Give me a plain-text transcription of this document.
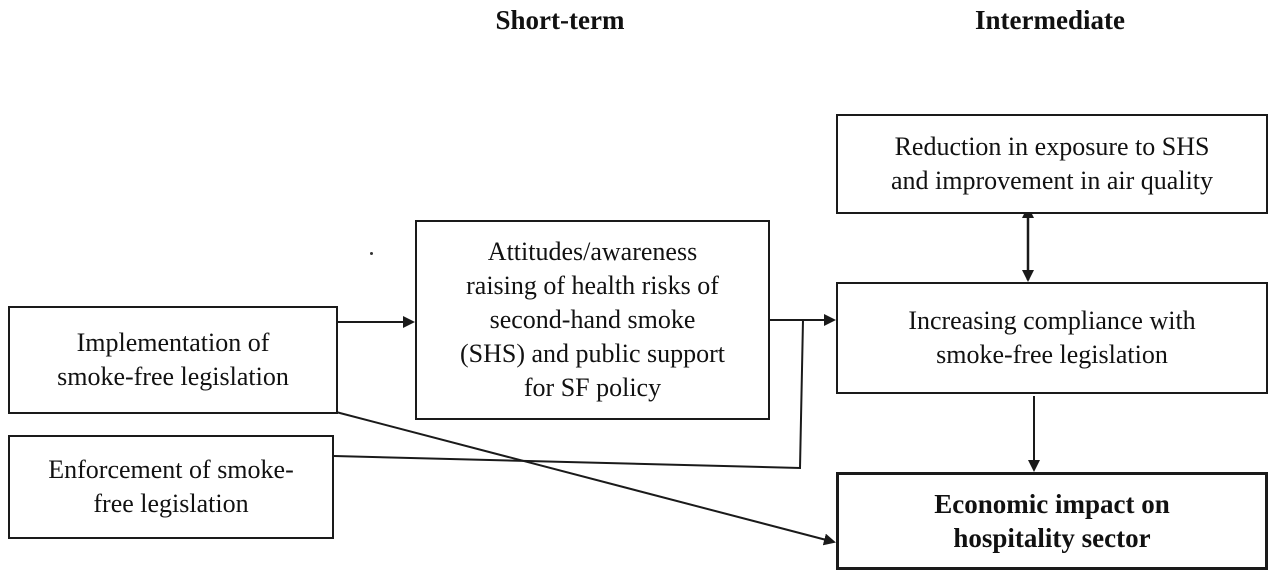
Short-term	Intermediate
Implementation of
smoke-free legislation
Enforcement of smoke-
free legislation
Attitudes/awareness
raising of health risks of
second-hand smoke
(SHS) and public support
for SF policy
Reduction in exposure to SHS
and improvement in air quality
Increasing compliance with
smoke-free legislation
Economic impact on
hospitality sector
